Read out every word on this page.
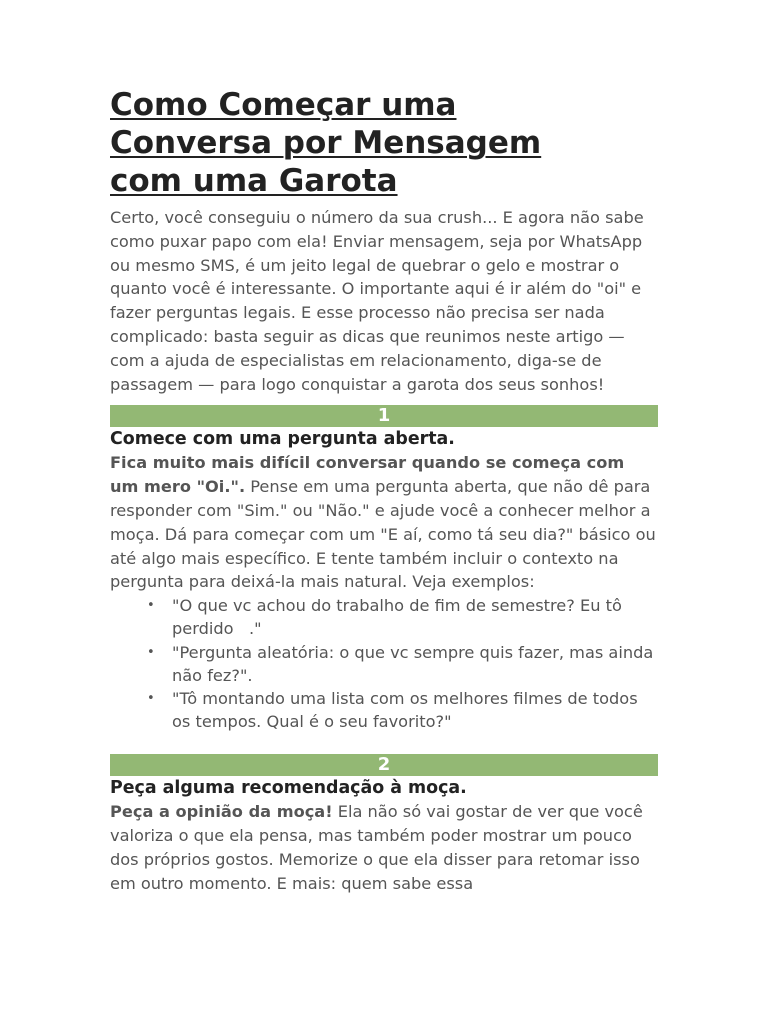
Como Começar uma
Conversa por Mensagem
com uma Garota

Certo, você conseguiu o número da sua crush... E agora não sabe como puxar papo com ela! Enviar mensagem, seja por WhatsApp ou mesmo SMS, é um jeito legal de quebrar o gelo e mostrar o quanto você é interessante. O importante aqui é ir além do "oi" e fazer perguntas legais. E esse processo não precisa ser nada complicado: basta seguir as dicas que reunimos neste artigo — com a ajuda de especialistas em relacionamento, diga-se de passagem — para logo conquistar a garota dos seus sonhos!

1
Comece com uma pergunta aberta.

Fica muito mais difícil conversar quando se começa com um mero "Oi.". Pense em uma pergunta aberta, que não dê para responder com "Sim." ou "Não." e ajude você a conhecer melhor a moça. Dá para começar com um "E aí, como tá seu dia?" básico ou até algo mais específico. E tente também incluir o contexto na pergunta para deixá-la mais natural. Veja exemplos:

• "O que vc achou do trabalho de fim de semestre? Eu tô perdido   ."
• "Pergunta aleatória: o que vc sempre quis fazer, mas ainda não fez?".
• "Tô montando uma lista com os melhores filmes de todos os tempos. Qual é o seu favorito?"
2
Peça alguma recomendação à moça.

Peça a opinião da moça! Ela não só vai gostar de ver que você valoriza o que ela pensa, mas também poder mostrar um pouco dos próprios gostos. Memorize o que ela disser para retomar isso em outro momento. E mais: quem sabe essa
